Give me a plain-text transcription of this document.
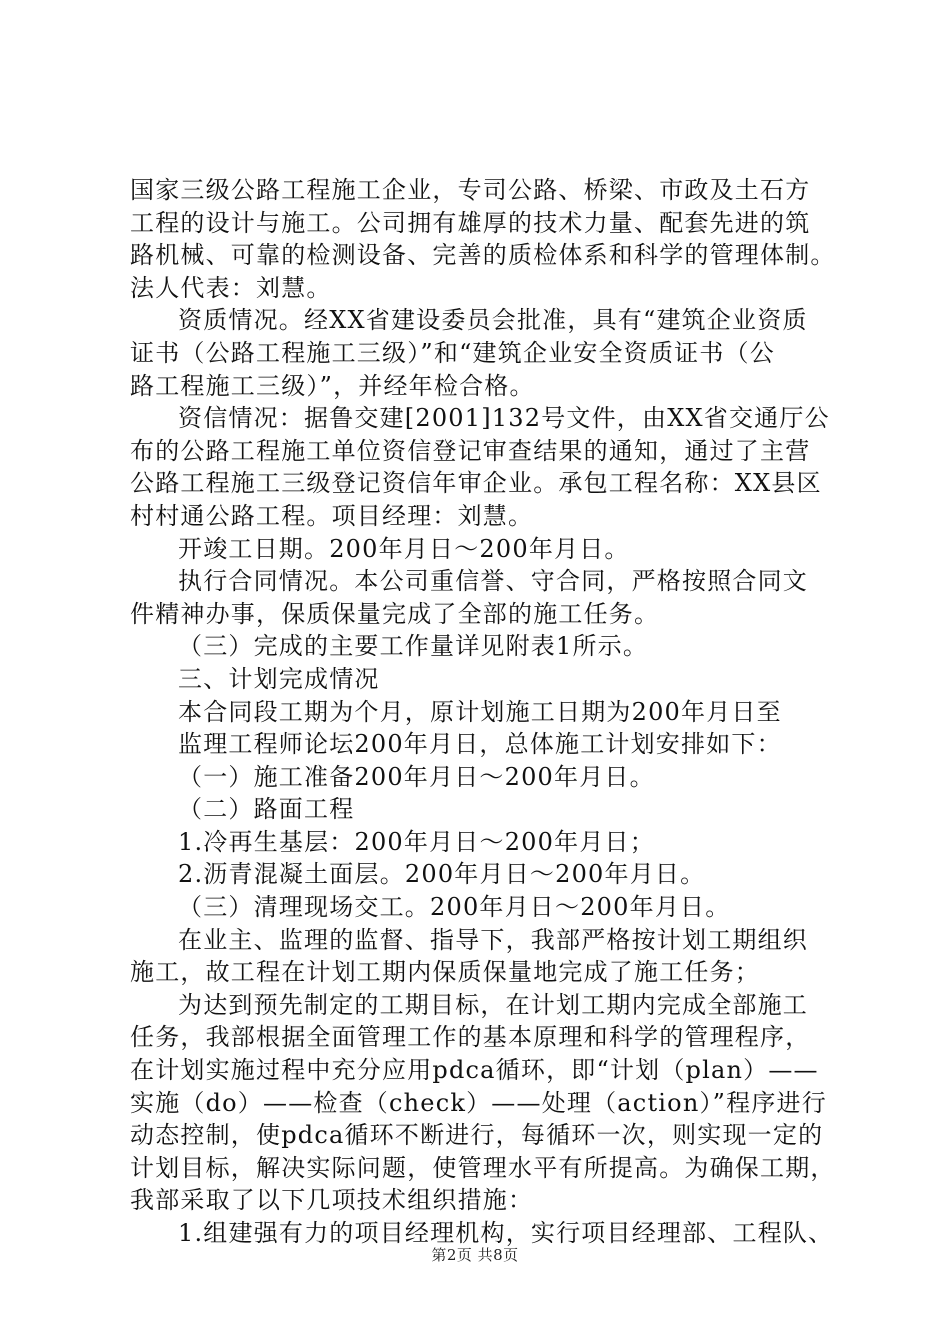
国家三级公路工程施工企业，专司公路、桥梁、市政及土石方
工程的设计与施工。公司拥有雄厚的技术力量、配套先进的筑
路机械、可靠的检测设备、完善的质检体系和科学的管理体制。
法人代表：刘慧。
资质情况。经XX省建设委员会批准，具有“建筑企业资质
证书（公路工程施工三级）”和“建筑企业安全资质证书（公
路工程施工三级）”，并经年检合格。
资信情况：据鲁交建[2001]132号文件，由XX省交通厅公
布的公路工程施工单位资信登记审查结果的通知，通过了主营
公路工程施工三级登记资信年审企业。承包工程名称：XX县区
村村通公路工程。项目经理：刘慧。
开竣工日期。200年月日～200年月日。
执行合同情况。本公司重信誉、守合同，严格按照合同文
件精神办事，保质保量完成了全部的施工任务。
（三）完成的主要工作量详见附表1所示。
三、计划完成情况
本合同段工期为个月，原计划施工日期为200年月日至
监理工程师论坛200年月日，总体施工计划安排如下：
（一）施工准备200年月日～200年月日。
（二）路面工程
1.冷再生基层：200年月日～200年月日；
2.沥青混凝土面层。200年月日～200年月日。
（三）清理现场交工。200年月日～200年月日。
在业主、监理的监督、指导下，我部严格按计划工期组织
施工，故工程在计划工期内保质保量地完成了施工任务；
为达到预先制定的工期目标，在计划工期内完成全部施工
任务，我部根据全面管理工作的基本原理和科学的管理程序，
在计划实施过程中充分应用pdca循环，即“计划（plan）——
实施（do）——检查（check）——处理（action）”程序进行
动态控制，使pdca循环不断进行，每循环一次，则实现一定的
计划目标，解决实际问题，使管理水平有所提高。为确保工期，
我部采取了以下几项技术组织措施：
1.组建强有力的项目经理机构，实行项目经理部、工程队、
第2页 共8页
